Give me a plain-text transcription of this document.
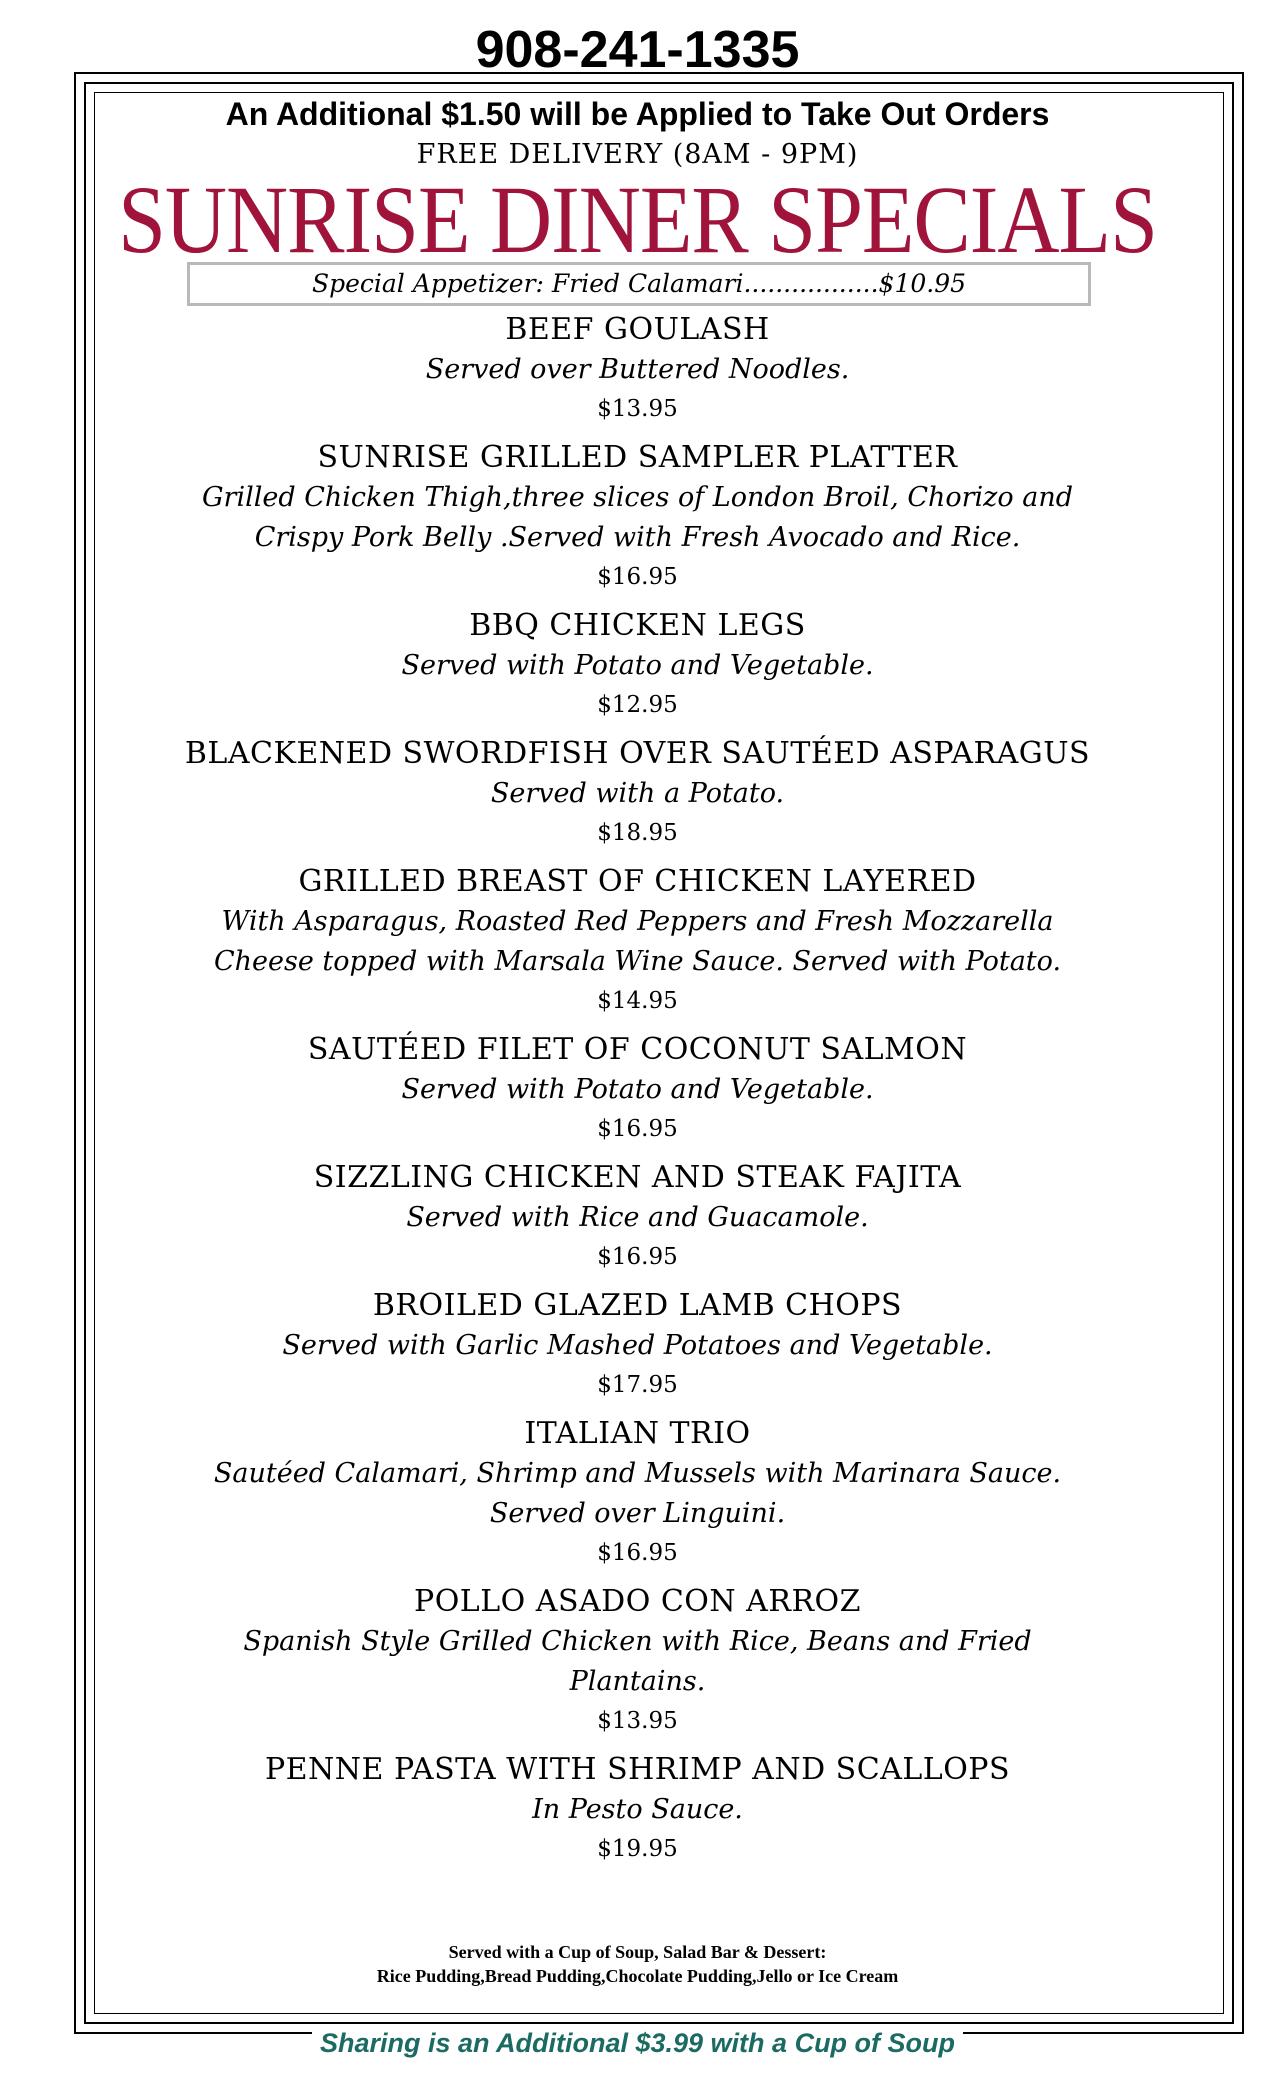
908-241-1335
An Additional $1.50 will be Applied to Take Out Orders
FREE DELIVERY (8AM - 9PM)
SUNRISE DINER SPECIALS
Special Appetizer: Fried Calamari.................$10.95
BEEF GOULASH
Served over Buttered Noodles.
$13.95
SUNRISE GRILLED SAMPLER PLATTER
Grilled Chicken Thigh,three slices of London Broil, Chorizo and
Crispy Pork Belly .Served with Fresh Avocado and Rice.
$16.95
BBQ CHICKEN LEGS
Served with Potato and Vegetable.
$12.95
BLACKENED SWORDFISH OVER SAUTÉED ASPARAGUS
Served with a Potato.
$18.95
GRILLED BREAST OF CHICKEN LAYERED
With Asparagus, Roasted Red Peppers and Fresh Mozzarella
Cheese topped with Marsala Wine Sauce. Served with Potato.
$14.95
SAUTÉED FILET OF COCONUT SALMON
Served with Potato and Vegetable.
$16.95
SIZZLING CHICKEN AND STEAK FAJITA
Served with Rice and Guacamole.
$16.95
BROILED GLAZED LAMB CHOPS
Served with Garlic Mashed Potatoes and Vegetable.
$17.95
ITALIAN TRIO
Sautéed Calamari, Shrimp and Mussels with Marinara Sauce.
Served over Linguini.
$16.95
POLLO ASADO CON ARROZ
Spanish Style Grilled Chicken with Rice, Beans and Fried
Plantains.
$13.95
PENNE PASTA WITH SHRIMP AND SCALLOPS
In Pesto Sauce.
$19.95
Served with a Cup of Soup, Salad Bar & Dessert:
Rice Pudding,Bread Pudding,Chocolate Pudding,Jello or Ice Cream
Sharing is an Additional $3.99 with a Cup of Soup
